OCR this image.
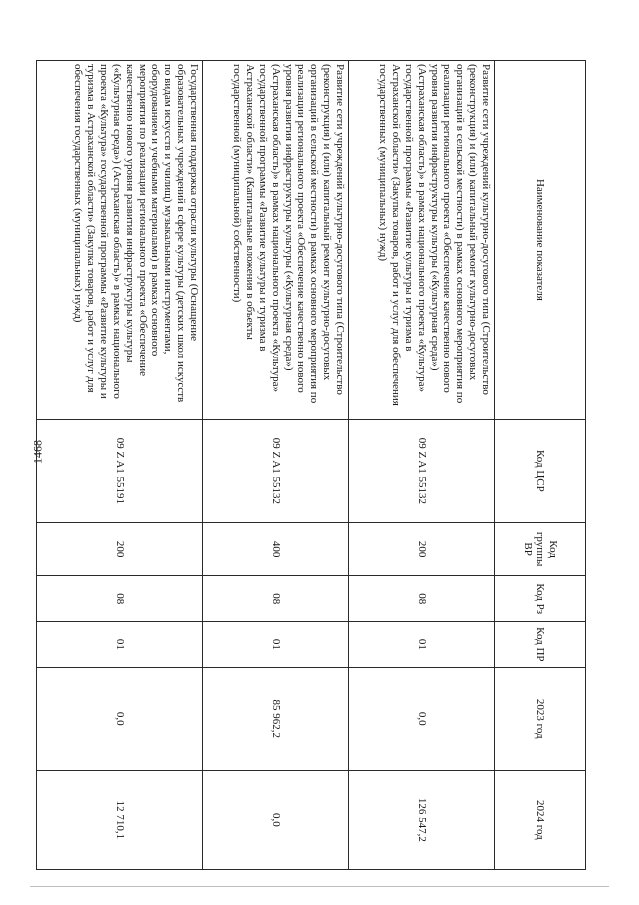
1468
Наименование показателя	Код ЦСР	Код группы ВР	Код Рз	Код ПР	2023 год	2024 год
Развитие сети учреждений культурно-досугового типа (Строительство (реконструкция) и (или) капитальный ремонт культурно-досуговых организаций в сельской местности) в рамках основного мероприятия по реализации регионального проекта «Обеспечение качественно нового уровня развития инфраструктуры культуры («Культурная среда») (Астраханская область)» в рамках национального проекта «Культура» государственной программы «Развитие культуры и туризма в Астраханской области» (Закупка товаров, работ и услуг для обеспечения государственных (муниципальных) нужд)	09 Z A1 55132	200	08	01	0,0	126 547,2
Развитие сети учреждений культурно-досугового типа (Строительство (реконструкция) и (или) капитальный ремонт культурно-досуговых организаций в сельской местности) в рамках основного мероприятия по реализации регионального проекта «Обеспечение качественно нового уровня развития инфраструктуры культуры («Культурная среда») (Астраханская область)» в рамках национального проекта «Культура» государственной программы «Развитие культуры и туризма в Астраханской области» (Капитальные вложения в объекты государственной (муниципальной) собственности)	09 Z A1 55132	400	08	01	85 962,2	0,0
Государственная поддержка отрасли культуры (Оснащение образовательных учреждений в сфере культуры (детских школ искусств по видам искусств и училищ) музыкальными инструментами, оборудованием и учебными материалами) в рамках основного мероприятия по реализации регионального проекта «Обеспечение качественно нового уровня развития инфраструктуры культуры («Культурная среда») (Астраханская область)» в рамках национального проекта «Культура» государственной программы «Развитие культуры и туризма в Астраханской области» (Закупка товаров, работ и услуг для обеспечения государственных (муниципальных) нужд)	09 Z A1 55191	200	08	01	0,0	12 710,1
